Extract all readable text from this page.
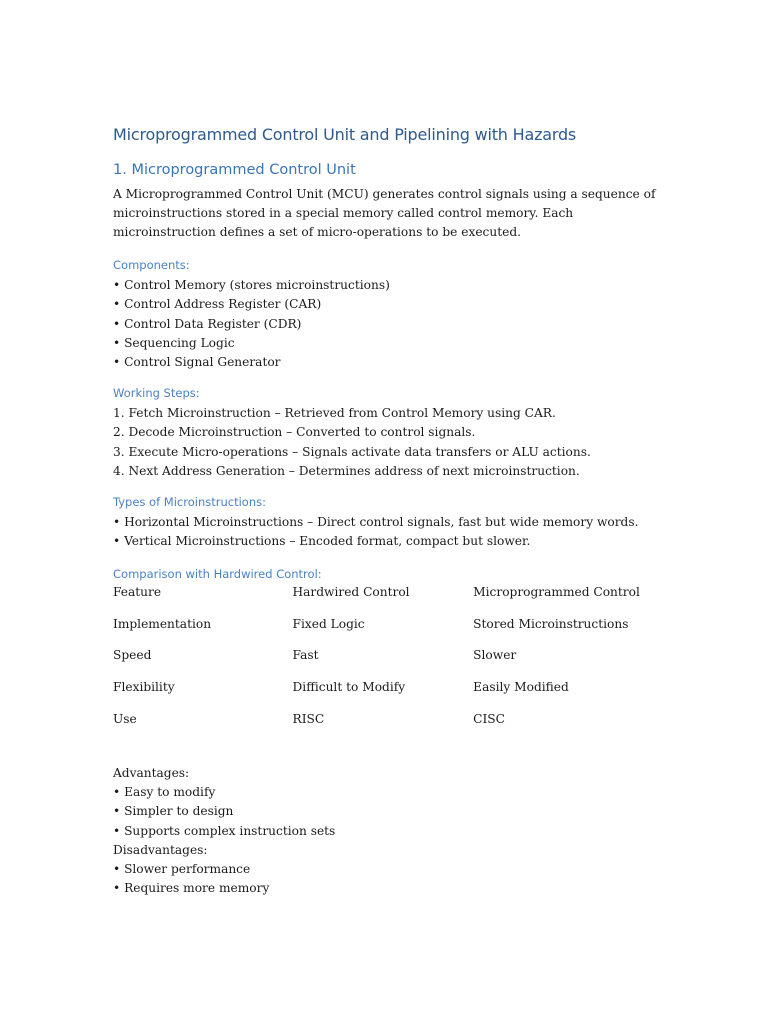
Microprogrammed Control Unit and Pipelining with Hazards
1. Microprogrammed Control Unit

A Microprogrammed Control Unit (MCU) generates control signals using a sequence of microinstructions stored in a special memory called control memory. Each microinstruction defines a set of micro-operations to be executed.

Components:
• Control Memory (stores microinstructions)
• Control Address Register (CAR)
• Control Data Register (CDR)
• Sequencing Logic
• Control Signal Generator
Working Steps:
1. Fetch Microinstruction – Retrieved from Control Memory using CAR.
2. Decode Microinstruction – Converted to control signals.
3. Execute Micro-operations – Signals activate data transfers or ALU actions.
4. Next Address Generation – Determines address of next microinstruction.
Types of Microinstructions:
• Horizontal Microinstructions – Direct control signals, fast but wide memory words.
• Vertical Microinstructions – Encoded format, compact but slower.
Comparison with Hardwired Control:
Feature	Hardwired Control	Microprogrammed Control
Implementation	Fixed Logic	Stored Microinstructions
Speed	Fast	Slower
Flexibility	Difficult to Modify	Easily Modified
Use	RISC	CISC

Advantages:

• Easy to modify
• Simpler to design
• Supports complex instruction sets

Disadvantages:

• Slower performance
• Requires more memory
